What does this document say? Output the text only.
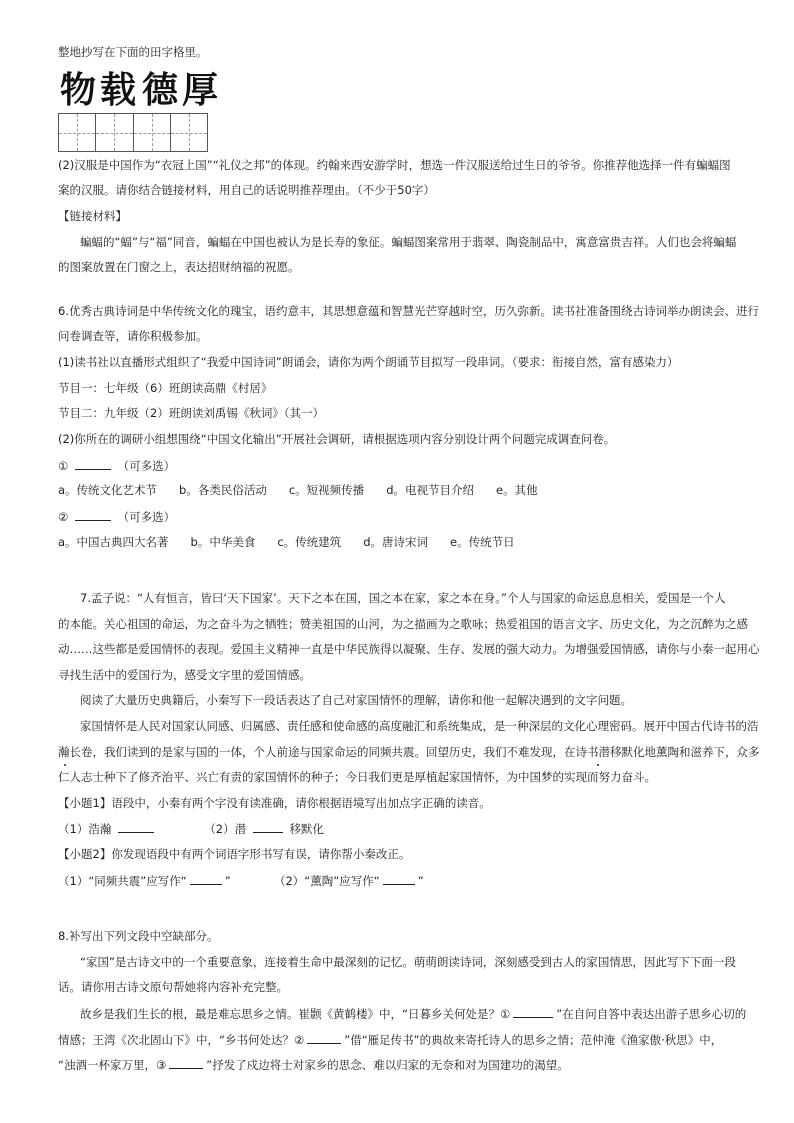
整地抄写在下面的田字格里。
物 载 德 厚
(2)汉服是中国作为“衣冠上国”“礼仪之邦”的体现。约翰来西安游学时，想选一件汉服送给过生日的爷爷。你推荐他选择一件有蝙蝠图
案的汉服。请你结合链接材料，用自己的话说明推荐理由。（不少于50字）
【链接材料】
蝙蝠的“蝠”与“福”同音，蝙蝠在中国也被认为是长寿的象征。蝙蝠图案常用于翡翠、陶瓷制品中，寓意富贵吉祥。人们也会将蝙蝠
的图案放置在门窗之上，表达招财纳福的祝愿。
6.优秀古典诗词是中华传统文化的瑰宝，语约意丰，其思想意蕴和智慧光芒穿越时空，历久弥新。读书社准备围绕古诗词举办朗读会、进行
问卷调查等，请你积极参加。
(1)读书社以直播形式组织了“我爱中国诗词”朗诵会，请你为两个朗诵节目拟写一段串词。（要求：衔接自然，富有感染力）
节目一：七年级（6）班朗读高鼎《村居》
节目二：九年级（2）班朗读刘禹锡《秋词》（其一）
(2)你所在的调研小组想围绕“中国文化输出”开展社会调研，请根据选项内容分别设计两个问题完成调查问卷。
①	（可多选）
a。传统文化艺术节 b。各类民俗活动 c。短视频传播 d。电视节目介绍 e。其他
②	（可多选）
a。中国古典四大名著 b。中华美食 c。传统建筑 d。唐诗宋词 e。传统节日
7.孟子说：“人有恒言，皆曰‘天下国家’。天下之本在国，国之本在家，家之本在身。”个人与国家的命运息息相关，爱国是一个人
的本能。关心祖国的命运，为之奋斗为之牺牲；赞美祖国的山河，为之描画为之歌咏；热爱祖国的语言文字、历史文化，为之沉醉为之感
动……这些都是爱国情怀的表现。爱国主义精神一直是中华民族得以凝聚、生存、发展的强大动力。为增强爱国情感，请你与小秦一起用心
寻找生活中的爱国行为，感受文字里的爱国情感。
阅读了大量历史典籍后，小秦写下一段话表达了自己对家国情怀的理解，请你和他一起解决遇到的文字问题。
家国情怀是人民对国家认同感、归属感、责任感和使命感的高度融汇和系统集成，是一种深层的文化心理密码。展开中国古代诗书的浩
瀚长卷，我们读到的是家与国的一体，个人前途与国家命运的同频共震。回望历史，我们不难发现，在诗书潜移默化地薰陶和滋养下，众多
仁人志士种下了修齐治平、兴亡有责的家国情怀的种子；今日我们更是厚植起家国情怀，为中国梦的实现而努力奋斗。
【小题1】语段中，小秦有两个字没有读准确，请你根据语境写出加点字正确的读音。
（1）浩瀚	（2）潜	移默化
【小题2】你发现语段中有两个词语字形书写有误，请你帮小秦改正。
（1）“同频共震”应写作“	”	（2）“薰陶”应写作“	”
8.补写出下列文段中空缺部分。
“家国”是古诗文中的一个重要意象，连接着生命中最深刻的记忆。萌萌朗读诗词，深刻感受到古人的家国情思，因此写下下面一段
话。请你用古诗文原句帮她将内容补充完整。
故乡是我们生长的根，最是难忘思乡之情。崔颢《黄鹤楼》中，“日暮乡关何处是？①	”在自问自答中表达出游子思乡心切的
情感；王湾《次北固山下》中，“乡书何处达？②	”借“雁足传书”的典故来寄托诗人的思乡之情；范仲淹《渔家傲·秋思》中，
“浊酒一杯家万里，③	”抒发了戍边将士对家乡的思念、难以归家的无奈和对为国建功的渴望。
